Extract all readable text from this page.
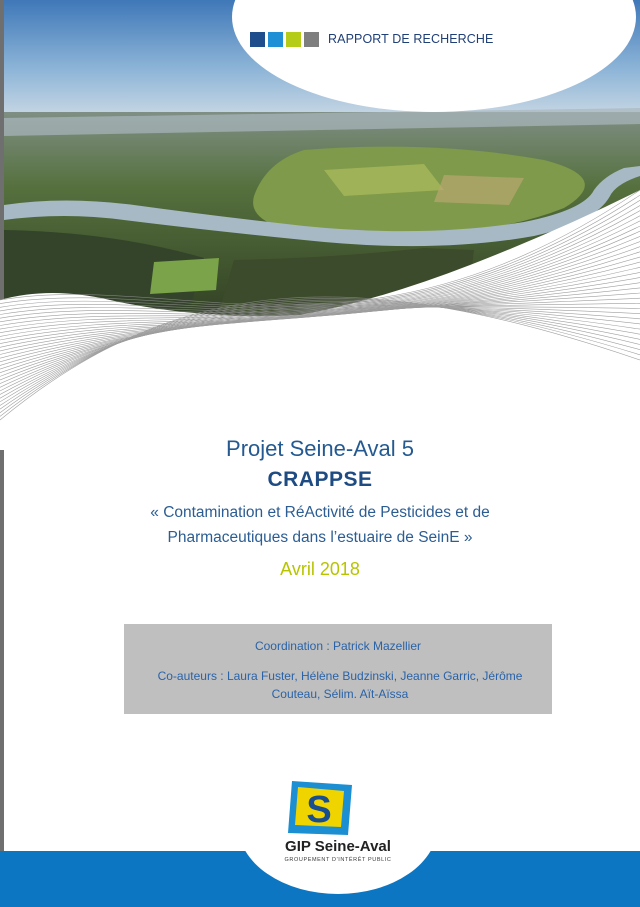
RAPPORT DE RECHERCHE
Projet Seine-Aval 5
CRAPPSE
« Contamination et RéActivité de Pesticides et de
Pharmaceutiques dans l’estuaire de SeinE »
Avril 2018
Coordination : Patrick Mazellier
Co-auteurs : Laura Fuster, Hélène Budzinski, Jeanne Garric, Jérôme
Couteau, Sélim. Aït-Aïssa
S
GIP Seine-Aval
GROUPEMENT D'INTÉRÊT PUBLIC
